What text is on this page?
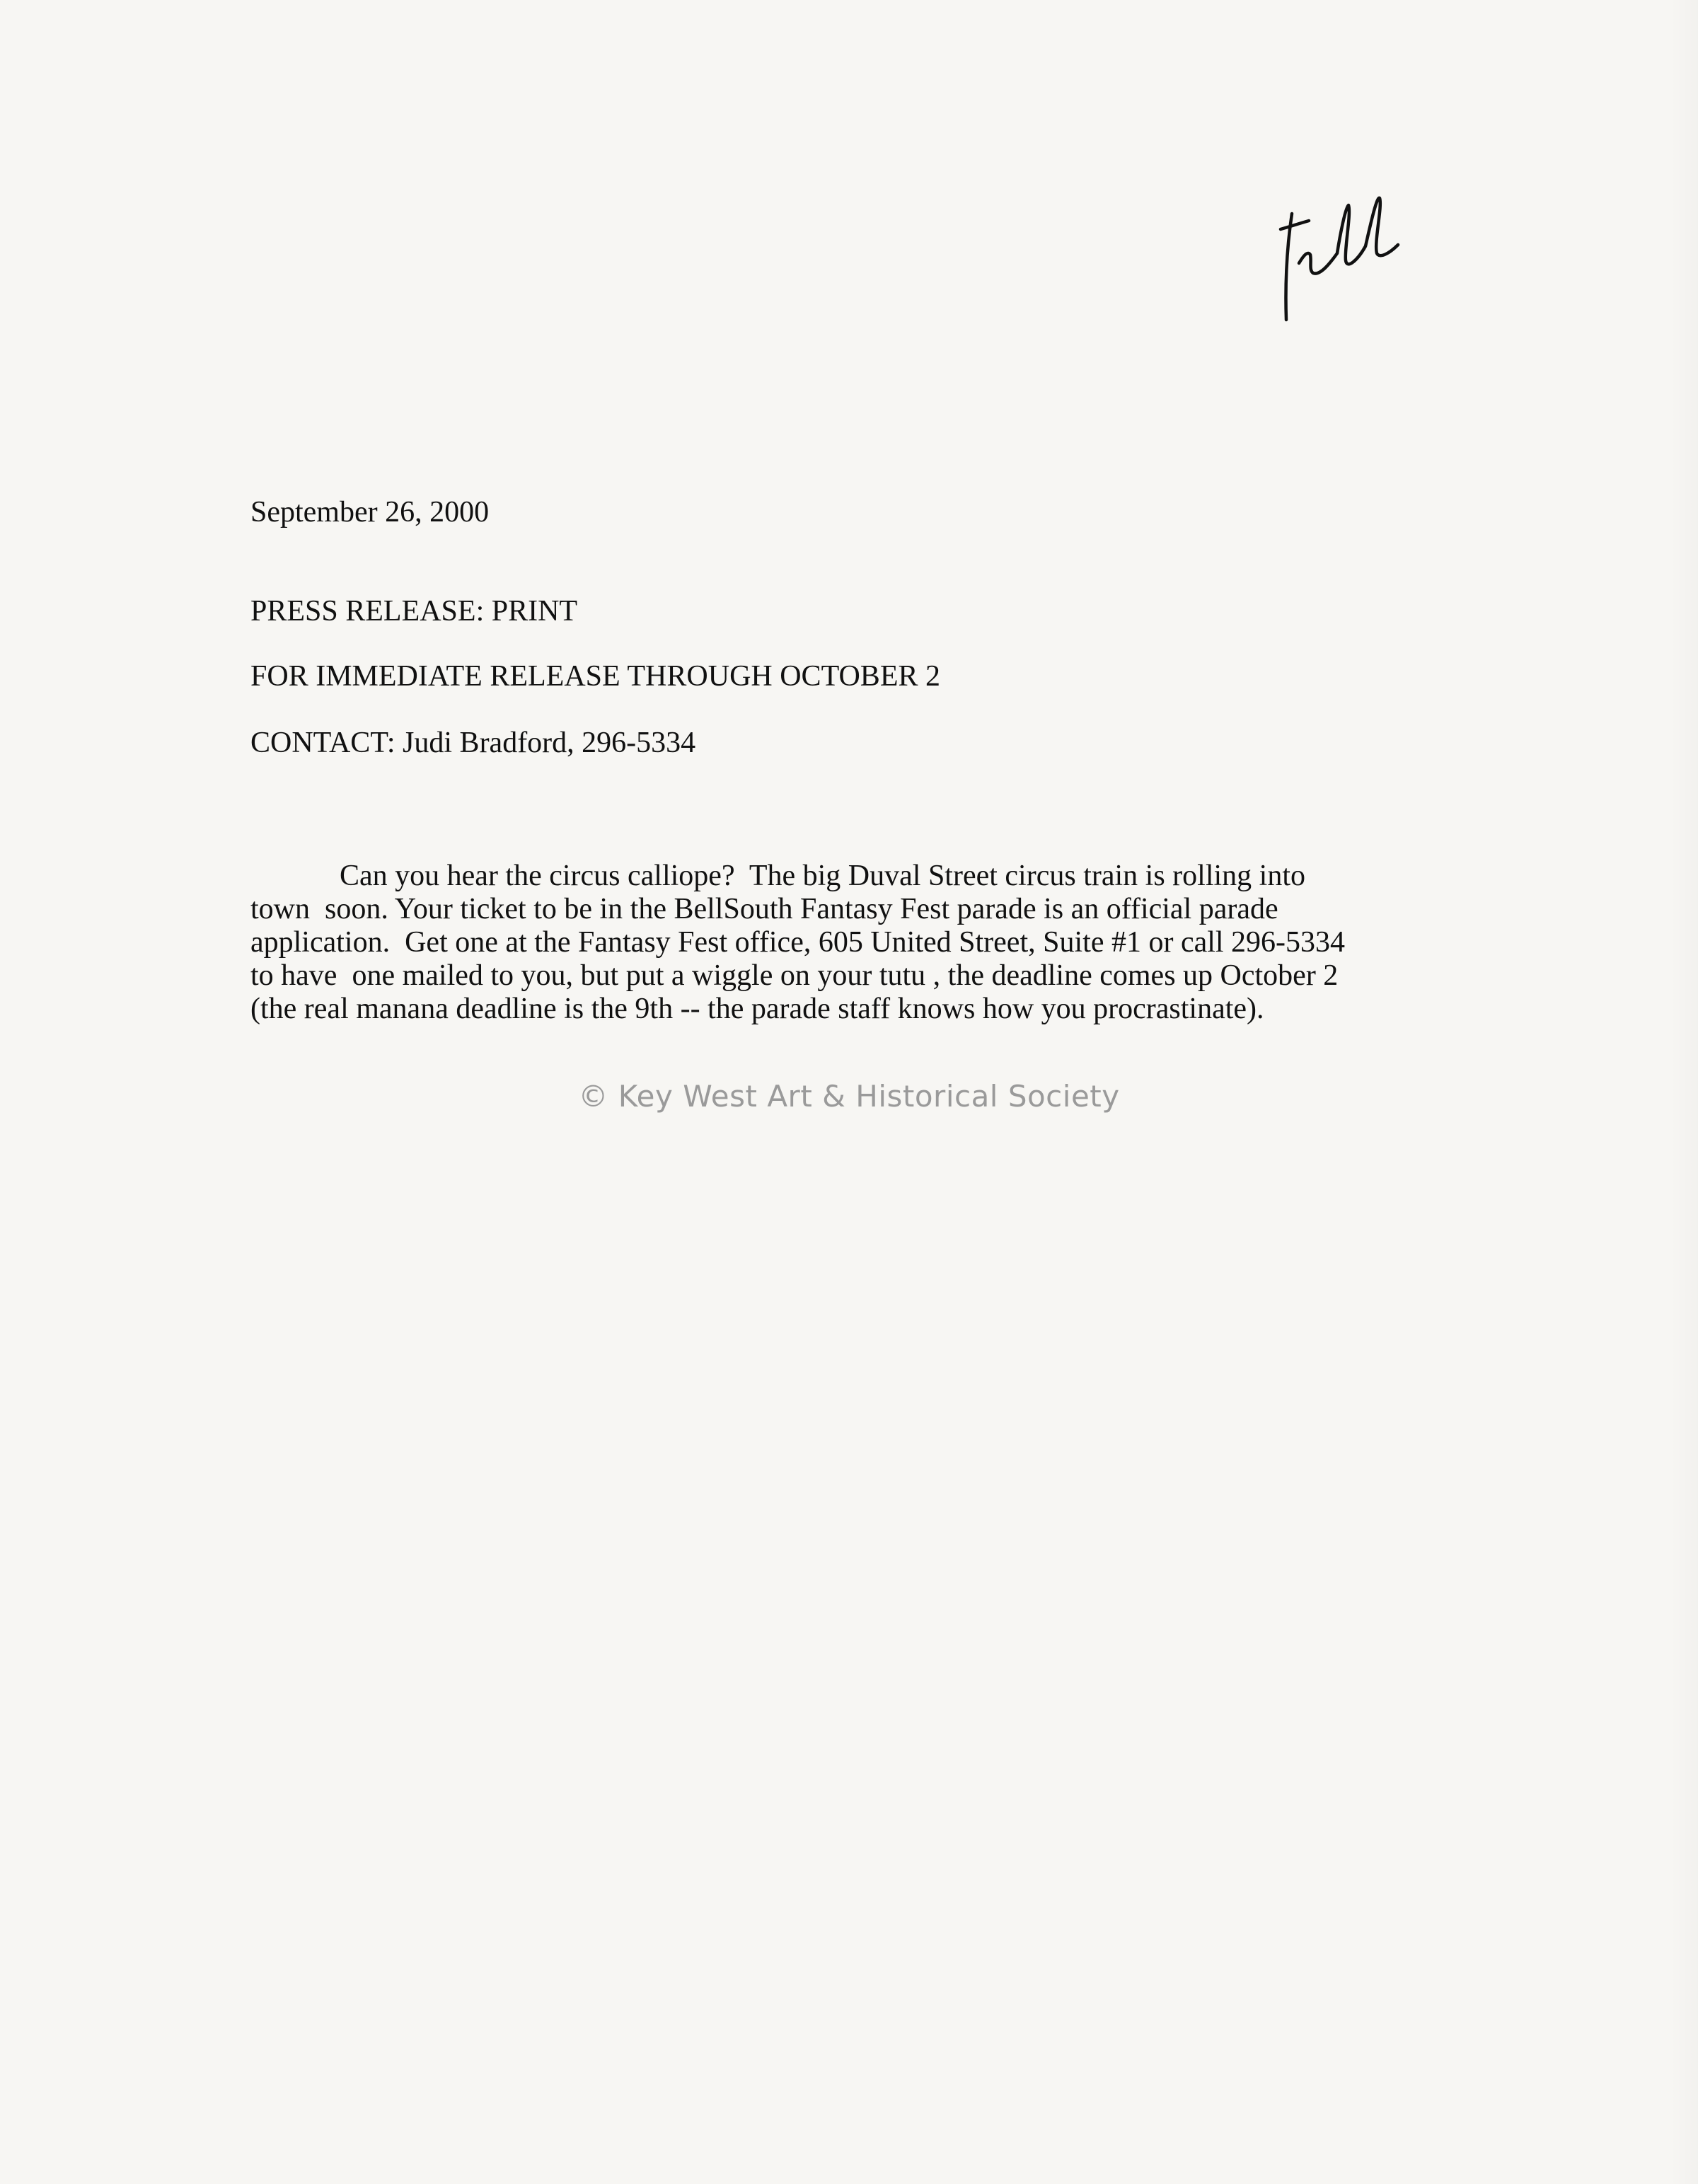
September 26, 2000
PRESS RELEASE: PRINT
FOR IMMEDIATE RELEASE THROUGH OCTOBER 2
CONTACT: Judi Bradford, 296-5334
Can you hear the circus calliope?  The big Duval Street circus train is rolling into
town  soon. Your ticket to be in the BellSouth Fantasy Fest parade is an official parade
application.  Get one at the Fantasy Fest office, 605 United Street, Suite #1 or call 296-5334
to have  one mailed to you, but put a wiggle on your tutu , the deadline comes up October 2
(the real manana deadline is the 9th -- the parade staff knows how you procrastinate).
© Key West Art & Historical Society
